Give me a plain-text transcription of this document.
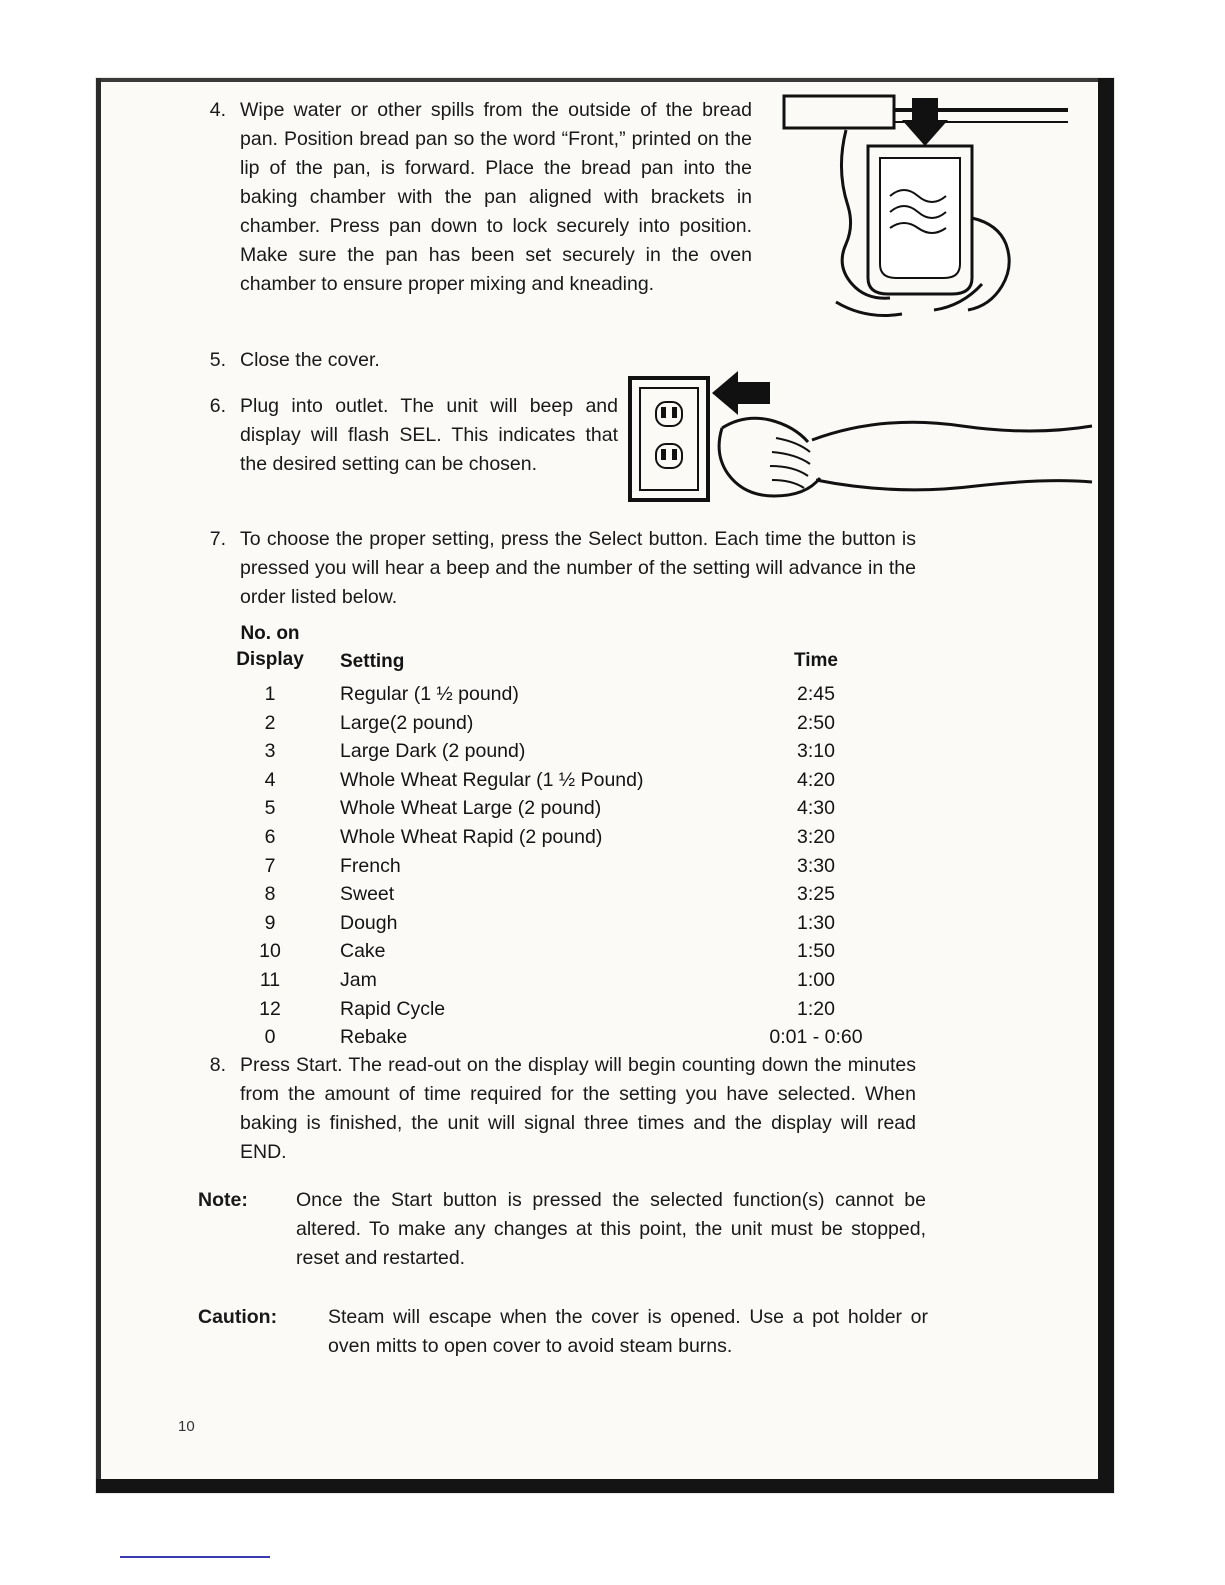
4. Wipe water or other spills from the outside of the bread pan. Position bread pan so the word “Front,” printed on the lip of the pan, is forward. Place the bread pan into the baking chamber with the pan aligned with brackets in chamber. Press pan down to lock securely into position. Make sure the pan has been set securely in the oven chamber to ensure proper mixing and kneading.
5. Close the cover.
6. Plug into outlet. The unit will beep and display will flash SEL. This indicates that the desired setting can be chosen.
7. To choose the proper setting, press the Select button. Each time the button is pressed you will hear a beep and the number of the setting will advance in the order listed below.
No. on
Display	Setting	Time
1	Regular (1 ½ pound)	2:45
2	Large(2 pound)	2:50
3	Large Dark (2 pound)	3:10
4	Whole Wheat Regular (1 ½ Pound)	4:20
5	Whole Wheat Large (2 pound)	4:30
6	Whole Wheat Rapid (2 pound)	3:20
7	French	3:30
8	Sweet	3:25
9	Dough	1:30
10	Cake	1:50
11	Jam	1:00
12	Rapid Cycle	1:20
0	Rebake	0:01 - 0:60
8. Press Start. The read-out on the display will begin counting down the minutes from the amount of time required for the setting you have selected. When baking is finished, the unit will signal three times and the display will read END.
Note:	Once the Start button is pressed the selected function(s) cannot be altered. To make any changes at this point, the unit must be stopped, reset and restarted.
Caution:	Steam will escape when the cover is opened. Use a pot holder or oven mitts to open cover to avoid steam burns.
10
